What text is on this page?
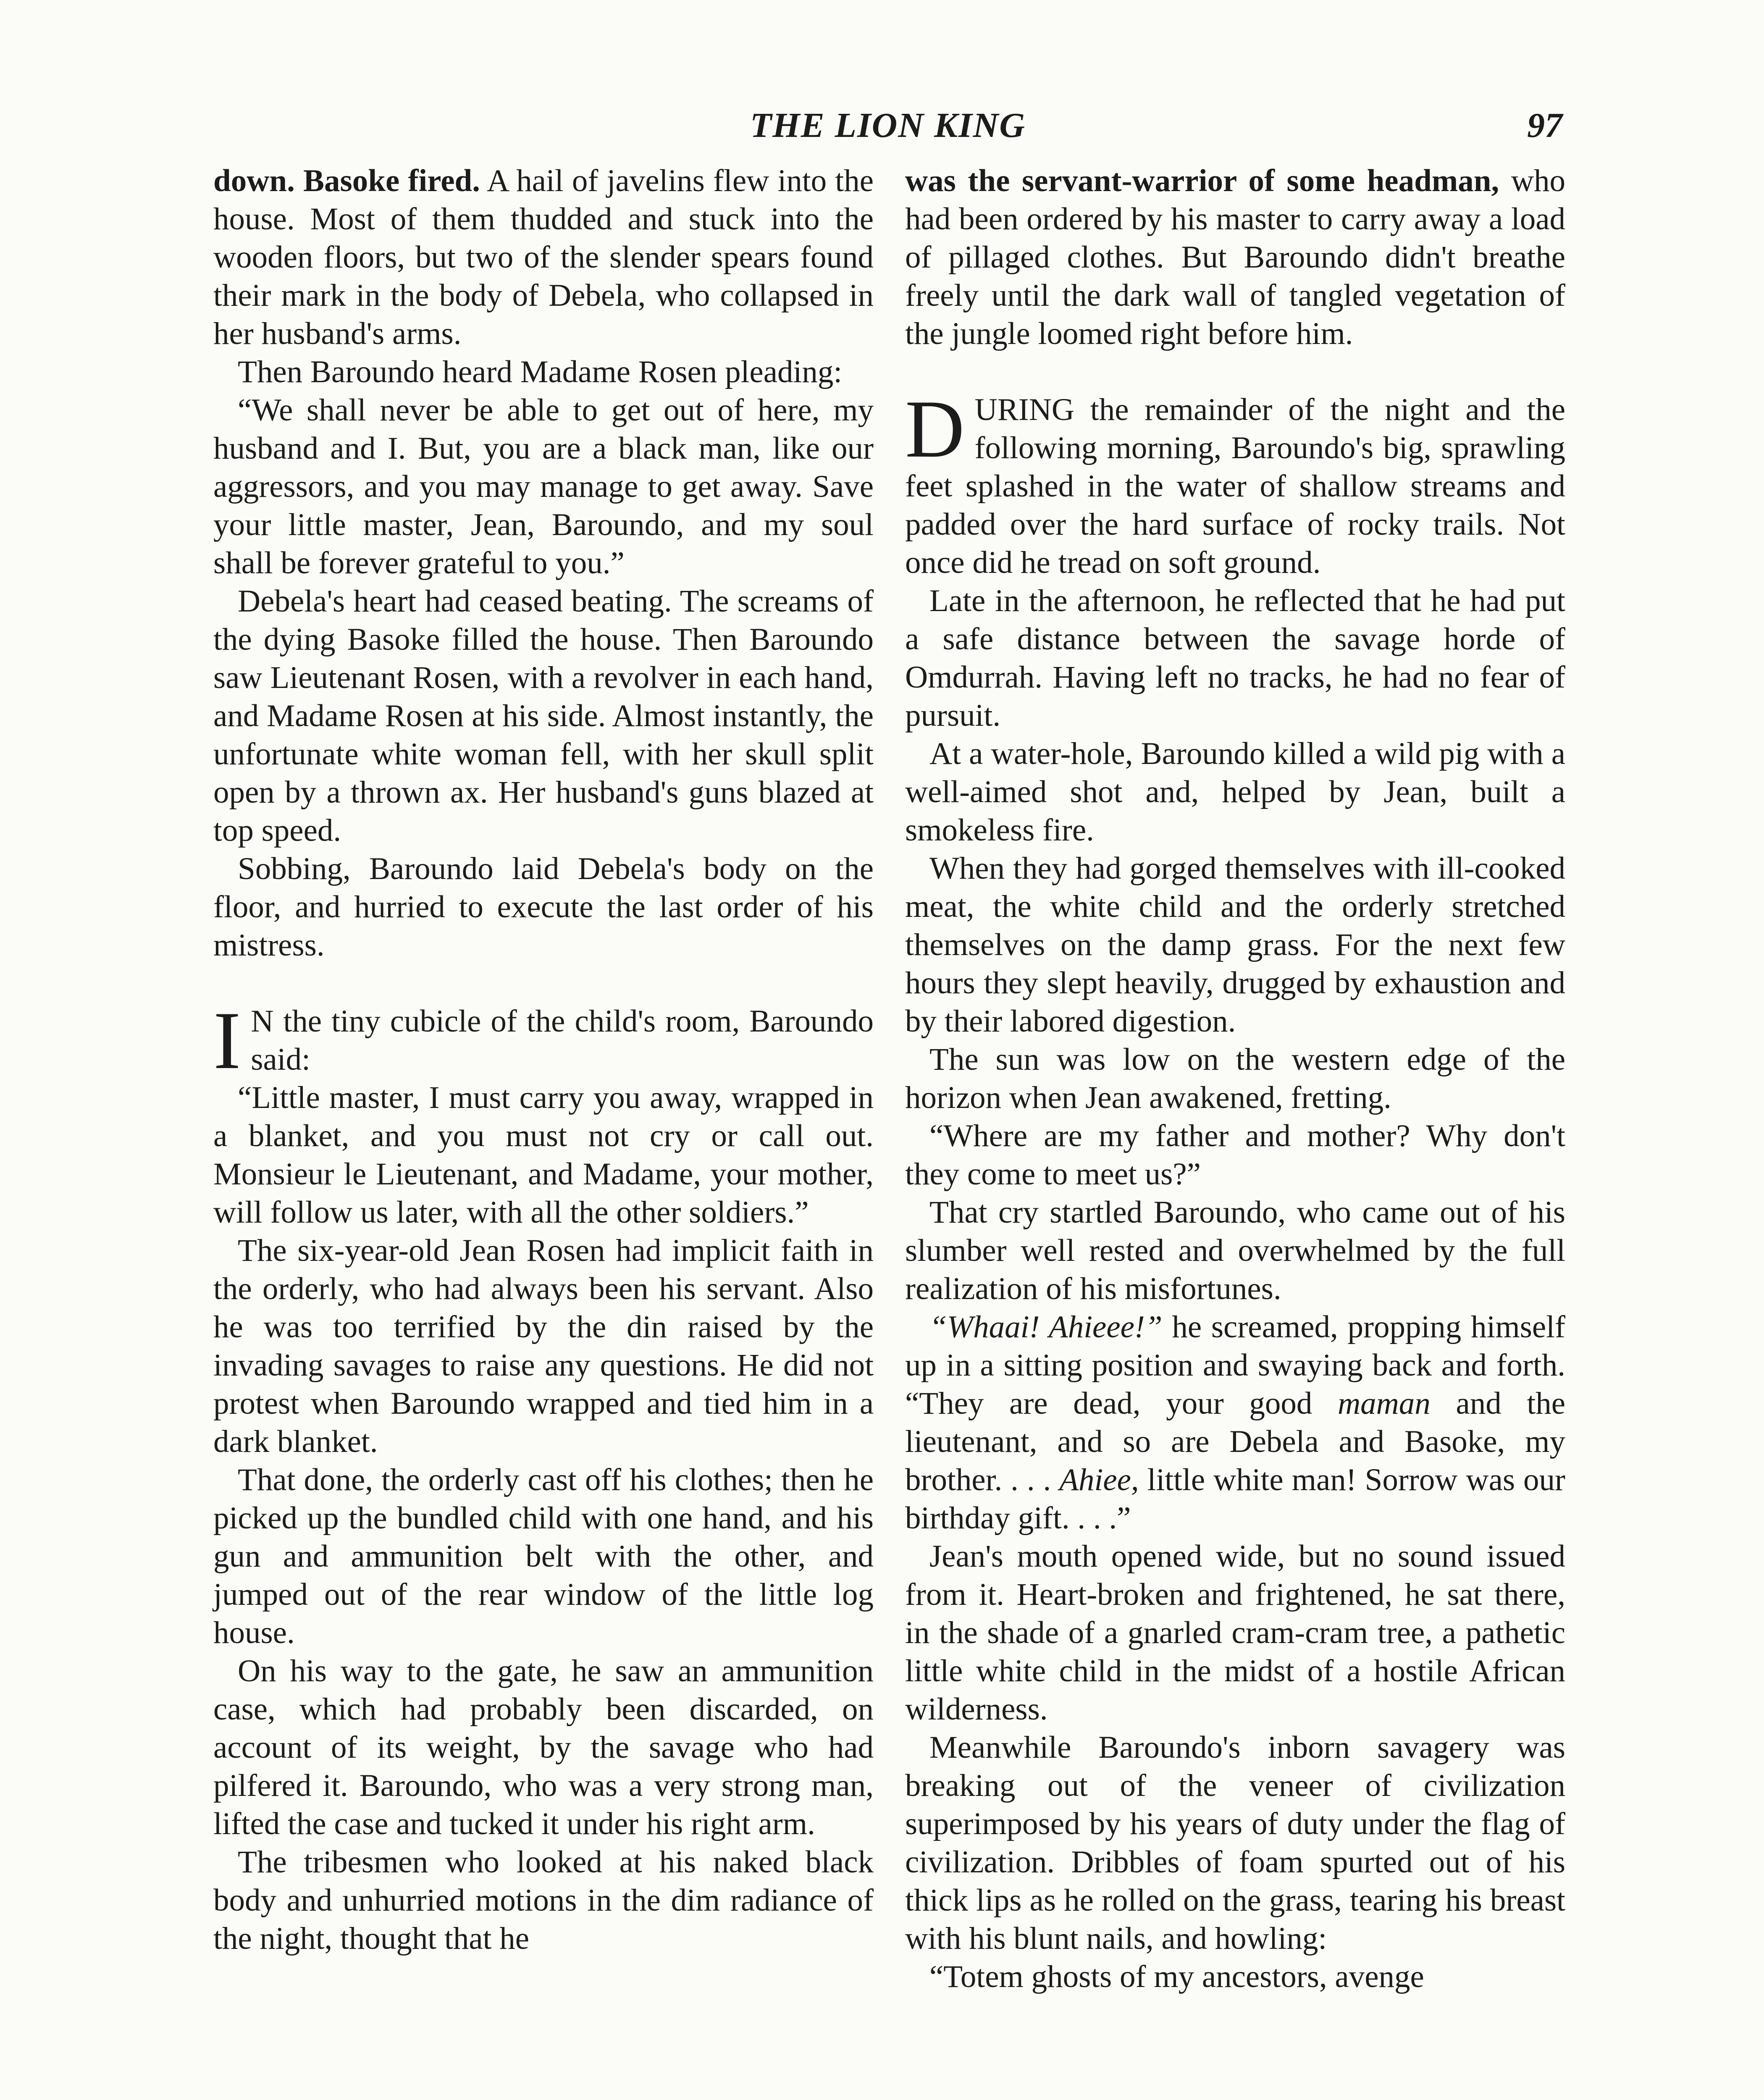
THE LION KING	97

down. Basoke fired. A hail of javelins flew into the house. Most of them thudded and stuck into the wooden floors, but two of the slender spears found their mark in the body of Debela, who collapsed in her husband's arms.

Then Baroundo heard Madame Rosen pleading:

“We shall never be able to get out of here, my husband and I. But, you are a black man, like our aggressors, and you may manage to get away. Save your little master, Jean, Baroundo, and my soul shall be forever grateful to you.”

Debela's heart had ceased beating. The screams of the dying Basoke filled the house. Then Baroundo saw Lieutenant Rosen, with a revolver in each hand, and Madame Rosen at his side. Almost instantly, the unfortunate white woman fell, with her skull split open by a thrown ax. Her husband's guns blazed at top speed.

Sobbing, Baroundo laid Debela's body on the floor, and hurried to execute the last order of his mistress.

I N the tiny cubicle of the child's room, Baroundo said:

“Little master, I must carry you away, wrapped in a blanket, and you must not cry or call out. Monsieur le Lieutenant, and Madame, your mother, will follow us later, with all the other soldiers.”

The six-year-old Jean Rosen had implicit faith in the orderly, who had always been his servant. Also he was too terrified by the din raised by the invading savages to raise any questions. He did not protest when Baroundo wrapped and tied him in a dark blanket.

That done, the orderly cast off his clothes; then he picked up the bundled child with one hand, and his gun and ammunition belt with the other, and jumped out of the rear window of the little log house.

On his way to the gate, he saw an ammunition case, which had probably been discarded, on account of its weight, by the savage who had pilfered it. Baroundo, who was a very strong man, lifted the case and tucked it under his right arm.

The tribesmen who looked at his naked black body and unhurried motions in the dim radiance of the night, thought that he

was the servant-warrior of some headman, who had been ordered by his master to carry away a load of pillaged clothes. But Baroundo didn't breathe freely until the dark wall of tangled vegetation of the jungle loomed right before him.

DURING the remainder of the night and the following morning, Baroundo's big, sprawling feet splashed in the water of shallow streams and padded over the hard surface of rocky trails. Not once did he tread on soft ground.

Late in the afternoon, he reflected that he had put a safe distance between the savage horde of Omdurrah. Having left no tracks, he had no fear of pursuit.

At a water-hole, Baroundo killed a wild pig with a well-aimed shot and, helped by Jean, built a smokeless fire.

When they had gorged themselves with ill-cooked meat, the white child and the orderly stretched themselves on the damp grass. For the next few hours they slept heavily, drugged by exhaustion and by their labored digestion.

The sun was low on the western edge of the horizon when Jean awakened, fretting.

“Where are my father and mother? Why don't they come to meet us?”

That cry startled Baroundo, who came out of his slumber well rested and overwhelmed by the full realization of his misfortunes.

“Whaai! Ahieee!” he screamed, propping himself up in a sitting position and swaying back and forth. “They are dead, your good maman and the lieutenant, and so are Debela and Basoke, my brother. . . . Ahiee, little white man! Sorrow was our birthday gift. . . .”

Jean's mouth opened wide, but no sound issued from it. Heart-broken and frightened, he sat there, in the shade of a gnarled cram-cram tree, a pathetic little white child in the midst of a hostile African wilderness.

Meanwhile Baroundo's inborn savagery was breaking out of the veneer of civilization superimposed by his years of duty under the flag of civilization. Dribbles of foam spurted out of his thick lips as he rolled on the grass, tearing his breast with his blunt nails, and howling:

“Totem ghosts of my ancestors, avenge
